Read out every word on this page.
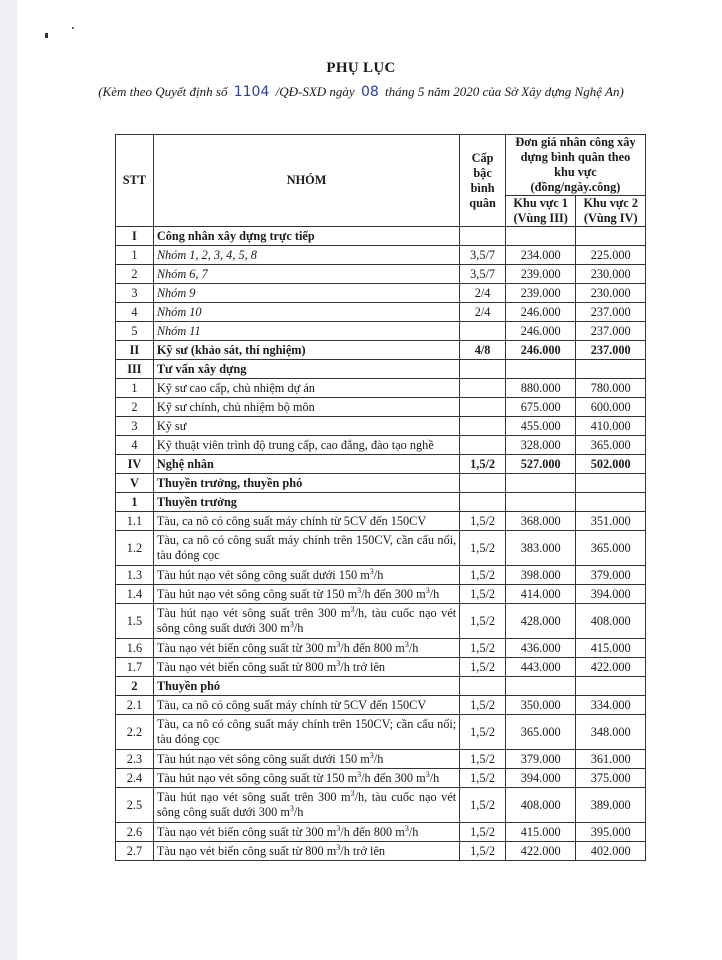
PHỤ LỤC
(Kèm theo Quyết định số 1104 /QĐ-SXD ngày 08 tháng 5 năm 2020 của Sở Xây dựng Nghệ An)
STT	NHÓM	Cấp bậc bình quân	Đơn giá nhân công xây dựng bình quân theo khu vực (đồng/ngày.công)	
			Khu vực 1 (Vùng III)	Khu vực 2 (Vùng IV)
I	Công nhân xây dựng trực tiếp			
1	Nhóm 1, 2, 3, 4, 5, 8	3,5/7	234.000	225.000
2	Nhóm 6, 7	3,5/7	239.000	230.000
3	Nhóm 9	2/4	239.000	230.000
4	Nhóm 10	2/4	246.000	237.000
5	Nhóm 11		246.000	237.000
II	Kỹ sư (khảo sát, thí nghiệm)	4/8	246.000	237.000
III	Tư vấn xây dựng			
1	Kỹ sư cao cấp, chủ nhiệm dự án		880.000	780.000
2	Kỹ sư chính, chủ nhiệm bộ môn		675.000	600.000
3	Kỹ sư		455.000	410.000
4	Kỹ thuật viên trình độ trung cấp, cao đẳng, đào tạo nghề		328.000	365.000
IV	Nghệ nhân	1,5/2	527.000	502.000
V	Thuyền trưởng, thuyền phó			
1	Thuyền trưởng			
1.1	Tàu, ca nô có công suất máy chính từ 5CV đến 150CV	1,5/2	368.000	351.000
1.2	Tàu, ca nô có công suất máy chính trên 150CV, cần cẩu nổi, tàu đóng cọc	1,5/2	383.000	365.000
1.3	Tàu hút nạo vét sông công suất dưới 150 $m^3/h$	1,5/2	398.000	379.000
1.4	Tàu hút nạo vét sông công suất từ 150 $m^3/h$ đến 300 $m^3/h$	1,5/2	414.000	394.000
1.5	Tàu hút nạo vét sông suất trên 300 $m^3/h$, tàu cuốc nạo vét sông công suất dưới 300 $m^3/h$	1,5/2	428.000	408.000
1.6	Tàu nạo vét biển công suất từ 300 $m^3/h$ đến 800 $m^3/h$	1,5/2	436.000	415.000
1.7	Tàu nạo vét biển công suất từ 800 $m^3/h$ trở lên	1,5/2	443.000	422.000
2	Thuyền phó			
2.1	Tàu, ca nô có công suất máy chính từ 5CV đến 150CV	1,5/2	350.000	334.000
2.2	Tàu, ca nô có công suất máy chính trên 150CV; cần cẩu nổi; tàu đóng cọc	1,5/2	365.000	348.000
2.3	Tàu hút nạo vét sông công suất dưới 150 $m^3/h$	1,5/2	379.000	361.000
2.4	Tàu hút nạo vét sông công suất từ 150 $m^3/h$ đến 300 $m^3/h$	1,5/2	394.000	375.000
2.5	Tàu hút nạo vét sông suất trên 300 $m^3/h$, tàu cuốc nạo vét sông công suất dưới 300 $m^3/h$	1,5/2	408.000	389.000
2.6	Tàu nạo vét biển công suất từ 300 $m^3/h$ đến 800 $m^3/h$	1,5/2	415.000	395.000
2.7	Tàu nạo vét biển công suất từ 800 $m^3/h$ trở lên	1,5/2	422.000	402.000
